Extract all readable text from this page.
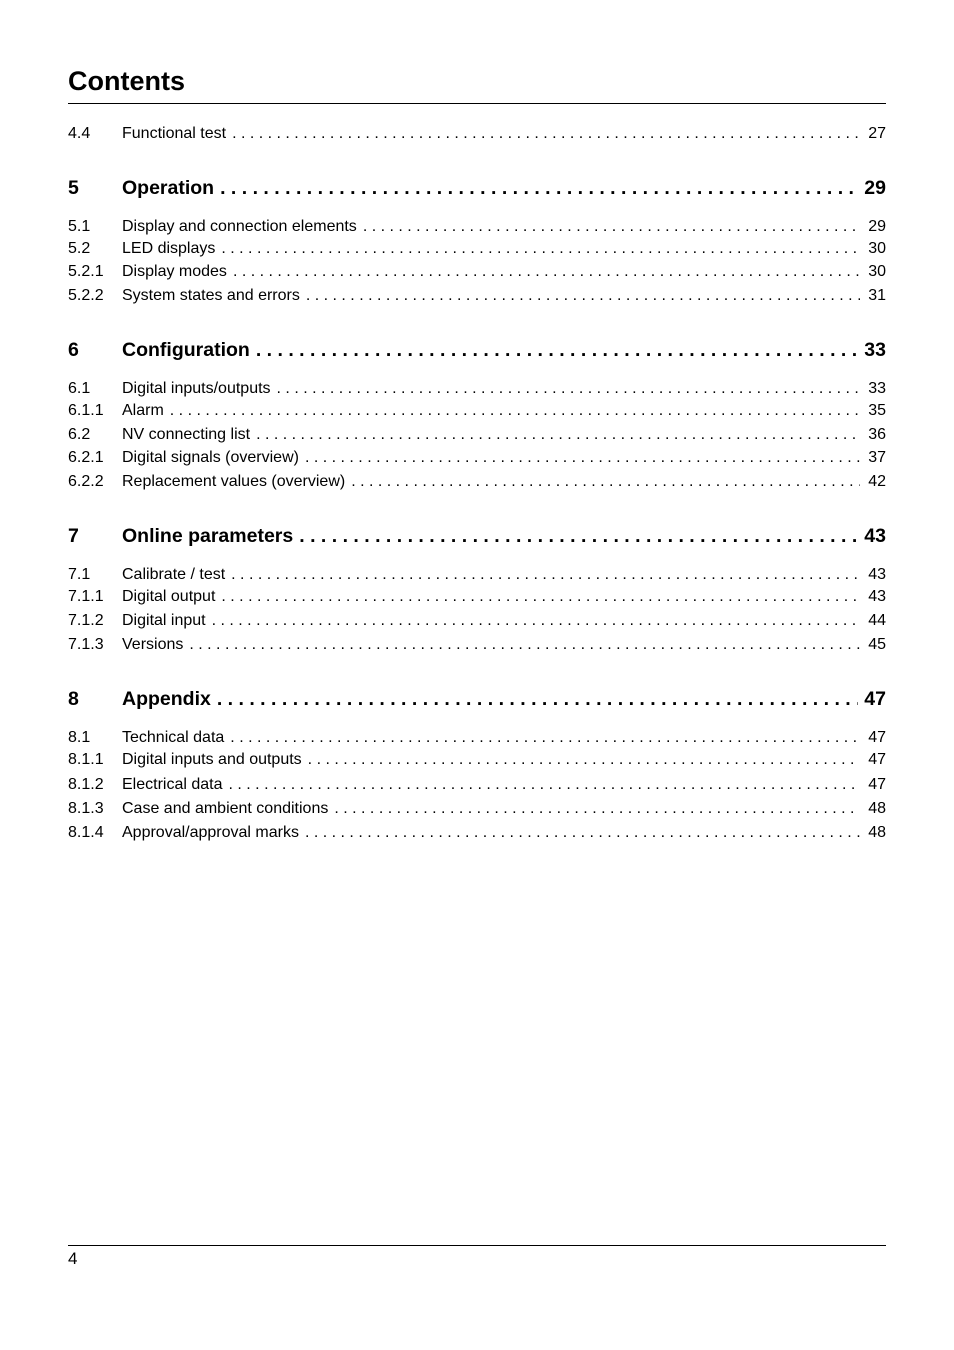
Contents
4.4	Functional test . . .	27
5	Operation . . .	29
5.1	Display and connection elements . . .	29
5.2	LED displays . . .	30
5.2.1	Display modes . . .	30
5.2.2	System states and errors . . .	31
6	Configuration . . .	33
6.1	Digital inputs/outputs . . .	33
6.1.1	Alarm . . .	35
6.2	NV connecting list . . .	36
6.2.1	Digital signals (overview) . . .	37
6.2.2	Replacement values (overview) . . .	42
7	Online parameters . . .	43
7.1	Calibrate / test . . .	43
7.1.1	Digital output . . .	43
7.1.2	Digital input . . .	44
7.1.3	Versions . . .	45
8	Appendix . . .	47
8.1	Technical data . . .	47
8.1.1	Digital inputs and outputs . . .	47
8.1.2	Electrical data . . .	47
8.1.3	Case and ambient conditions . . .	48
8.1.4	Approval/approval marks . . .	48
4
